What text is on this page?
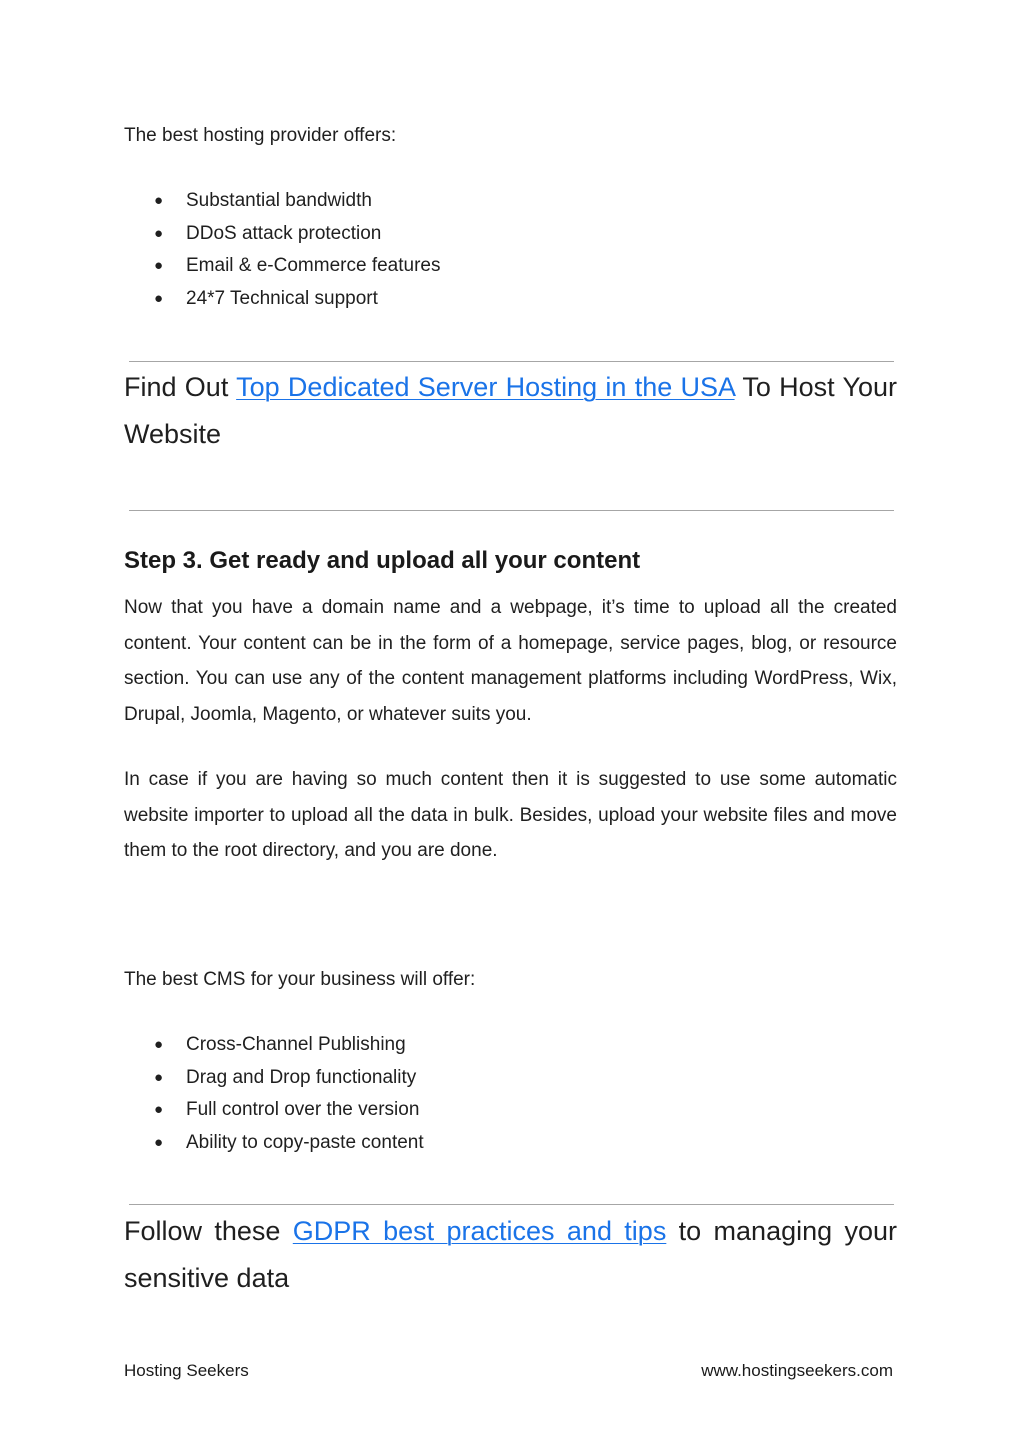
The best hosting provider offers:
● Substantial bandwidth
● DDoS attack protection
● Email & e-Commerce features
● 24*7 Technical support

Find Out Top Dedicated Server Hosting in the USA To Host Your Website

Step 3. Get ready and upload all your content

Now that you have a domain name and a webpage, it’s time to upload all the created content. Your content can be in the form of a homepage, service pages, blog, or resource section. You can use any of the content management platforms including WordPress, Wix, Drupal, Joomla, Magento, or whatever suits you.

In case if you are having so much content then it is suggested to use some automatic website importer to upload all the data in bulk. Besides, upload your website files and move them to the root directory, and you are done.

The best CMS for your business will offer:
● Cross-Channel Publishing
● Drag and Drop functionality
● Full control over the version
● Ability to copy-paste content

Follow these GDPR best practices and tips to managing your sensitive data

Hosting Seekers	www.hostingseekers.com
